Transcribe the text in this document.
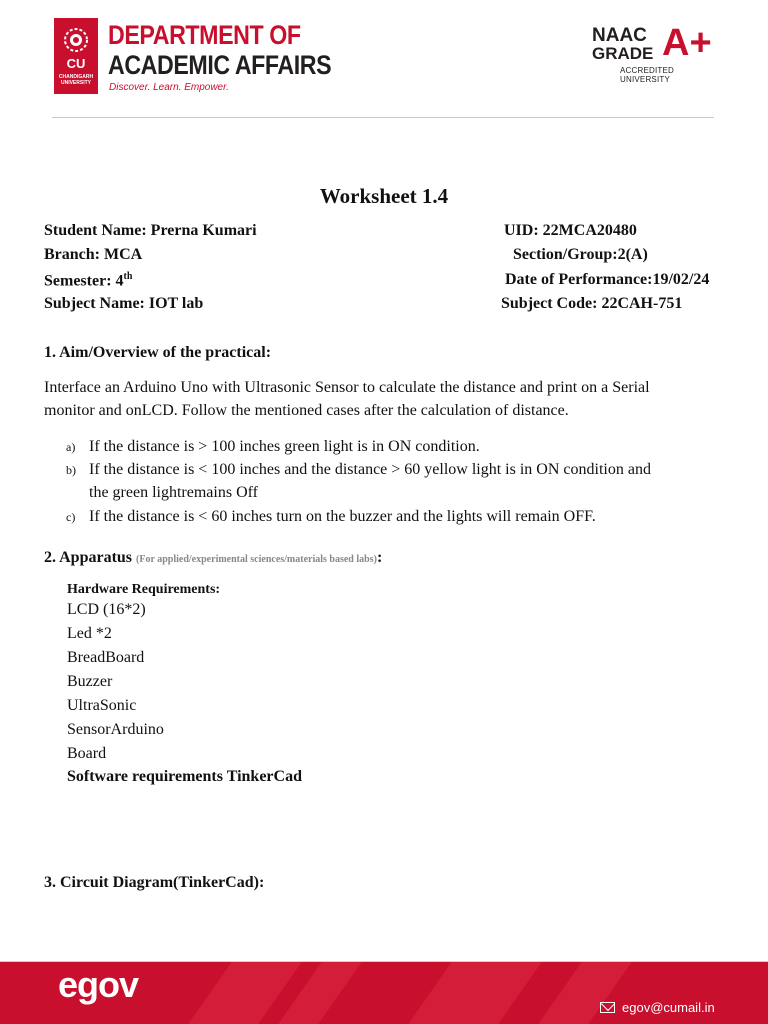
CU
CHANDIGARH UNIVERSITY
DEPARTMENT OF
ACADEMIC AFFAIRS
Discover. Learn. Empower.
NAAC
GRADE A+
ACCREDITED UNIVERSITY
Worksheet 1.4
Student Name: Prerna Kumari	UID: 22MCA20480
Branch: MCA	Section/Group:2(A)
Semester: 4th	Date of Performance:19/02/24
Subject Name: IOT lab	Subject Code: 22CAH-751
1. Aim/Overview of the practical:
Interface an Arduino Uno with Ultrasonic Sensor to calculate the distance and print on a Serial
monitor and onLCD. Follow the mentioned cases after the calculation of distance.
a) If the distance is > 100 inches green light is in ON condition.
b) If the distance is < 100 inches and the distance > 60 yellow light is in ON condition and
the green lightremains Off
c) If the distance is < 60 inches turn on the buzzer and the lights will remain OFF.
2. Apparatus (For applied/experimental sciences/materials based labs):
Hardware Requirements:
LCD (16*2)
Led *2
BreadBoard
Buzzer
UltraSonic
SensorArduino
Board
Software requirements TinkerCad
3. Circuit Diagram(TinkerCad):
egov
egov@cumail.in
